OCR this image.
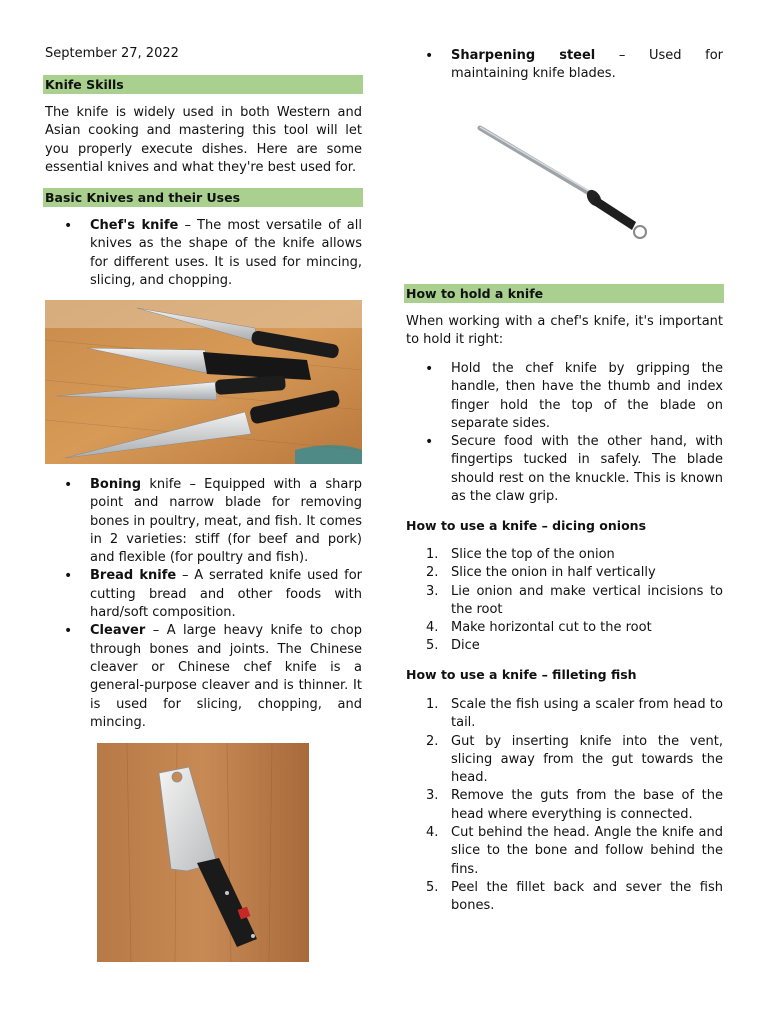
September 27, 2022
Knife Skills

The knife is widely used in both Western and Asian cooking and mastering this tool will let you properly execute dishes. Here are some essential knives and what they're best used for.

Basic Knives and their Uses
• Chef's knife – The most versatile of all knives as the shape of the knife allows for different uses. It is used for mincing, slicing, and chopping.
• Boning knife – Equipped with a sharp point and narrow blade for removing bones in poultry, meat, and fish. It comes in 2 varieties: stiff (for beef and pork) and flexible (for poultry and fish).
• Bread knife – A serrated knife used for cutting bread and other foods with hard/soft composition.
• Cleaver – A large heavy knife to chop through bones and joints. The Chinese cleaver or Chinese chef knife is a general-purpose cleaver and is thinner. It is used for slicing, chopping, and mincing.
• Sharpening steel – Used for maintaining knife blades.
How to hold a knife

When working with a chef's knife, it's important to hold it right:

• Hold the chef knife by gripping the handle, then have the thumb and index finger hold the top of the blade on separate sides.
• Secure food with the other hand, with fingertips tucked in safely. The blade should rest on the knuckle. This is known as the claw grip.

How to use a knife – dicing onions

1. Slice the top of the onion
2. Slice the onion in half vertically
3. Lie onion and make vertical incisions to the root
4. Make horizontal cut to the root
5. Dice

How to use a knife – filleting fish

1. Scale the fish using a scaler from head to tail.
2. Gut by inserting knife into the vent, slicing away from the gut towards the head.
3. Remove the guts from the base of the head where everything is connected.
4. Cut behind the head. Angle the knife and slice to the bone and follow behind the fins.
5. Peel the fillet back and sever the fish bones.
